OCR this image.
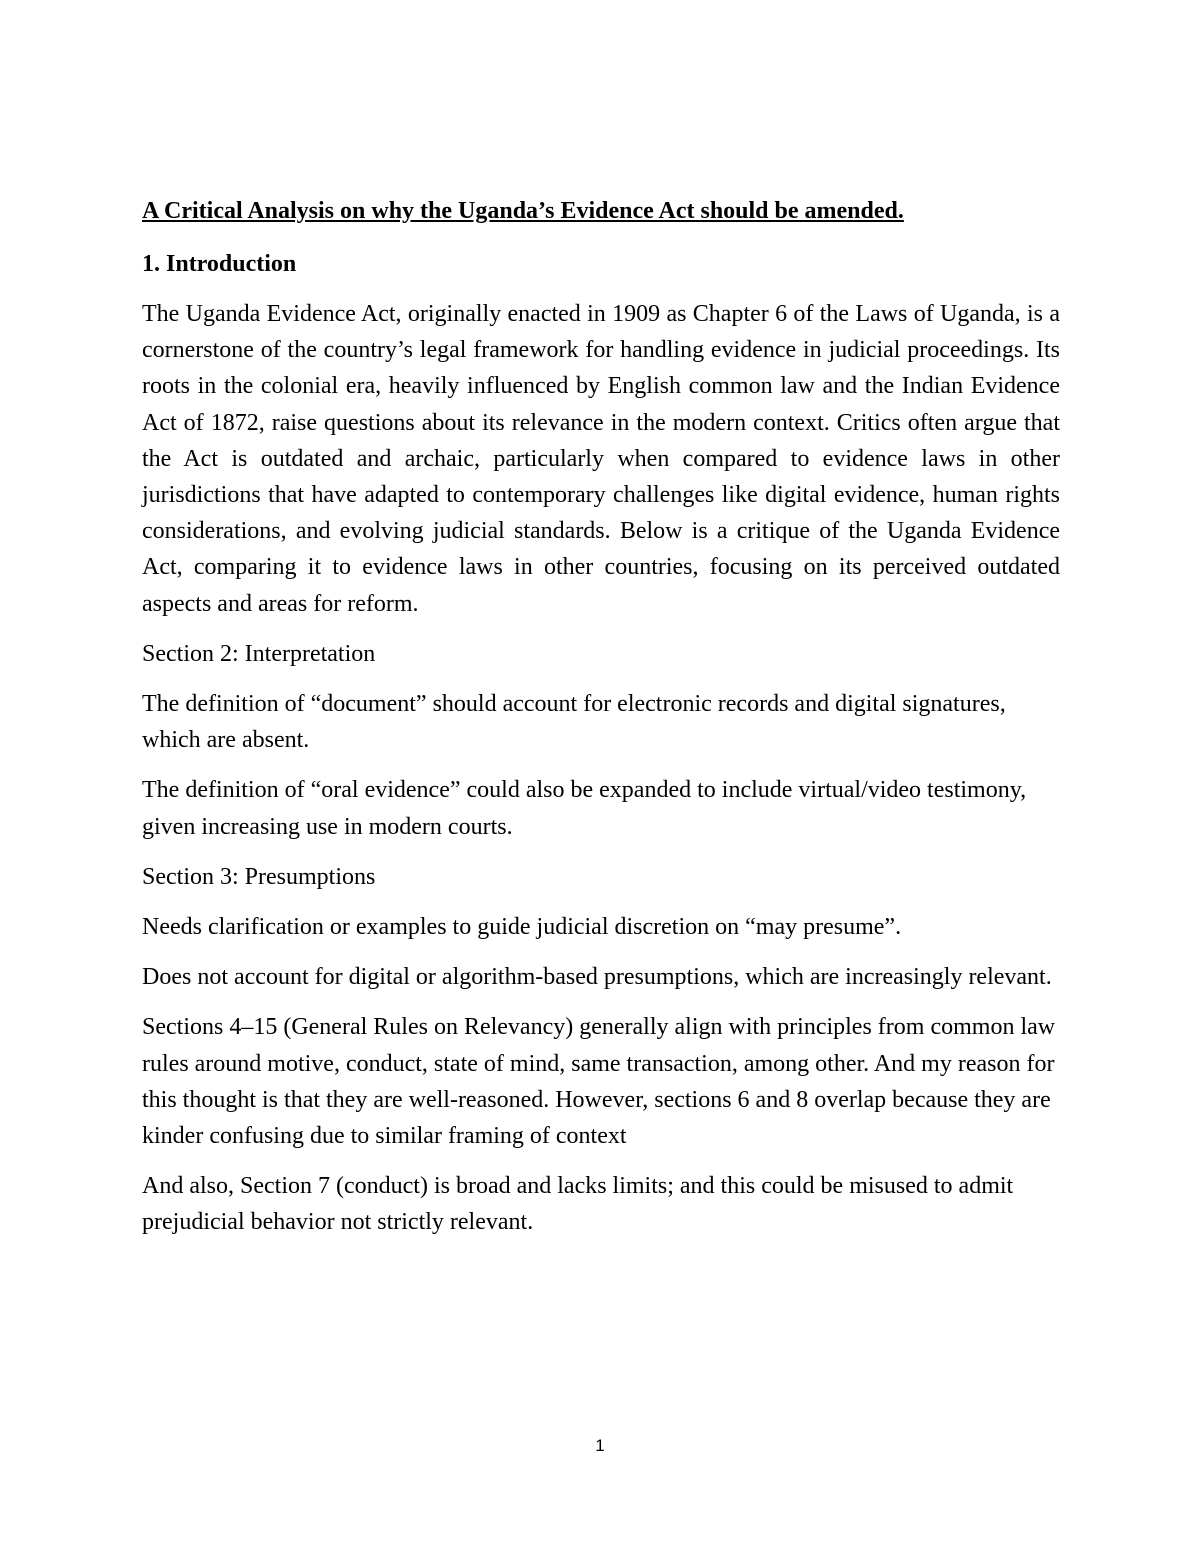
A Critical Analysis on why the Uganda’s Evidence Act should be amended.
1. Introduction

The Uganda Evidence Act, originally enacted in 1909 as Chapter 6 of the Laws of Uganda, is a cornerstone of the country’s legal framework for handling evidence in judicial proceedings. Its roots in the colonial era, heavily influenced by English common law and the Indian Evidence Act of 1872, raise questions about its relevance in the modern context. Critics often argue that the Act is outdated and archaic, particularly when compared to evidence laws in other jurisdictions that have adapted to contemporary challenges like digital evidence, human rights considerations, and evolving judicial standards. Below is a critique of the Uganda Evidence Act, comparing it to evidence laws in other countries, focusing on its perceived outdated aspects and areas for reform.

Section 2: Interpretation

The definition of “document” should account for electronic records and digital signatures, which are absent.

The definition of “oral evidence” could also be expanded to include virtual/video testimony, given increasing use in modern courts.

Section 3: Presumptions

Needs clarification or examples to guide judicial discretion on “may presume”.

Does not account for digital or algorithm-based presumptions, which are increasingly relevant.

Sections 4–15 (General Rules on Relevancy) generally align with principles from common law rules around motive, conduct, state of mind, same transaction, among other. And my reason for this thought is that they are well-reasoned. However, sections 6 and 8 overlap because they are kinder confusing due to similar framing of context

And also, Section 7 (conduct) is broad and lacks limits; and this could be misused to admit prejudicial behavior not strictly relevant.

1
